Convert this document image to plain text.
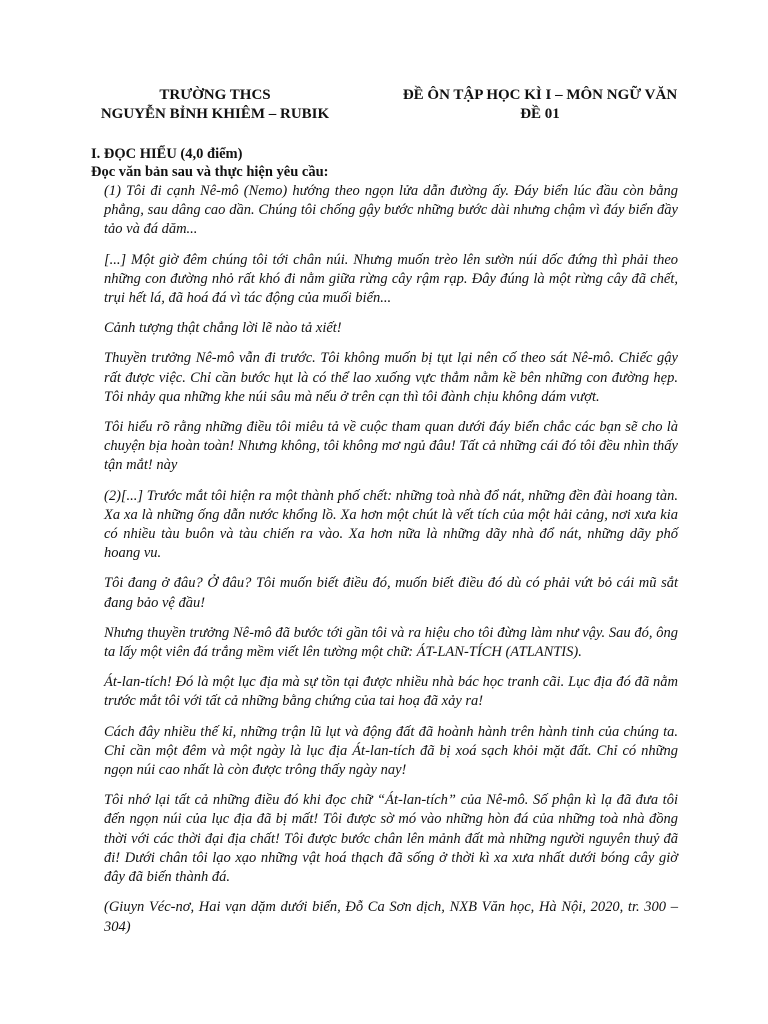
TRƯỜNG THCS
NGUYỄN BỈNH KHIÊM – RUBIK
ĐỀ ÔN TẬP HỌC KÌ I – MÔN NGỮ VĂN
ĐỀ 01
I. ĐỌC HIỂU (4,0 điểm)
Đọc văn bản sau và thực hiện yêu cầu:

(1) Tôi đi cạnh Nê-mô (Nemo) hướng theo ngọn lửa dẫn đường ấy. Đáy biển lúc đầu còn bằng phẳng, sau dâng cao dần. Chúng tôi chống gậy bước những bước dài nhưng chậm vì đáy biển đầy tảo và đá dăm...

[...] Một giờ đêm chúng tôi tới chân núi. Nhưng muốn trèo lên sườn núi dốc đứng thì phải theo những con đường nhỏ rất khó đi nằm giữa rừng cây rậm rạp. Đây đúng là một rừng cây đã chết, trụi hết lá, đã hoá đá vì tác động của muối biển...

Cảnh tượng thật chẳng lời lẽ nào tả xiết!

Thuyền trưởng Nê-mô vẫn đi trước. Tôi không muốn bị tụt lại nên cố theo sát Nê-mô. Chiếc gậy rất được việc. Chỉ cần bước hụt là có thể lao xuống vực thẳm nằm kề bên những con đường hẹp. Tôi nhảy qua những khe núi sâu mà nếu ở trên cạn thì tôi đành chịu không dám vượt.

Tôi hiểu rõ rằng những điều tôi miêu tả về cuộc tham quan dưới đáy biển chắc các bạn sẽ cho là chuyện bịa hoàn toàn! Nhưng không, tôi không mơ ngủ đâu! Tất cả những cái đó tôi đều nhìn thấy tận mắt! này

(2)[...] Trước mắt tôi hiện ra một thành phố chết: những toà nhà đổ nát, những đền đài hoang tàn. Xa xa là những ống dẫn nước khổng lồ. Xa hơn một chút là vết tích của một hải cảng, nơi xưa kia có nhiều tàu buôn và tàu chiến ra vào. Xa hơn nữa là những dãy nhà đổ nát, những dãy phố hoang vu.

Tôi đang ở đâu? Ở đâu? Tôi muốn biết điều đó, muốn biết điều đó dù có phải vứt bỏ cái mũ sắt đang bảo vệ đầu!

Nhưng thuyền trưởng Nê-mô đã bước tới gần tôi và ra hiệu cho tôi đừng làm như vậy. Sau đó, ông ta lấy một viên đá trắng mềm viết lên tường một chữ: ÁT-LAN-TÍCH (ATLANTIS).

Át-lan-tích! Đó là một lục địa mà sự tồn tại được nhiều nhà bác học tranh cãi. Lục địa đó đã nằm trước mắt tôi với tất cả những bằng chứng của tai hoạ đã xảy ra!

Cách đây nhiều thế kỉ, những trận lũ lụt và động đất đã hoành hành trên hành tinh của chúng ta. Chỉ cần một đêm và một ngày là lục địa Át-lan-tích đã bị xoá sạch khỏi mặt đất. Chỉ có những ngọn núi cao nhất là còn được trông thấy ngày nay!

Tôi nhớ lại tất cả những điều đó khi đọc chữ “Át-lan-tích” của Nê-mô. Số phận kì lạ đã đưa tôi đến ngọn núi của lục địa đã bị mất! Tôi được sờ mó vào những hòn đá của những toà nhà đồng thời với các thời đại địa chất! Tôi được bước chân lên mảnh đất mà những người nguyên thuỷ đã đi! Dưới chân tôi lạo xạo những vật hoá thạch đã sống ở thời kì xa xưa nhất dưới bóng cây giờ đây đã biến thành đá.

(Giuyn Véc-nơ, Hai vạn dặm dưới biển, Đỗ Ca Sơn dịch, NXB Văn học, Hà Nội, 2020, tr. 300 – 304)
